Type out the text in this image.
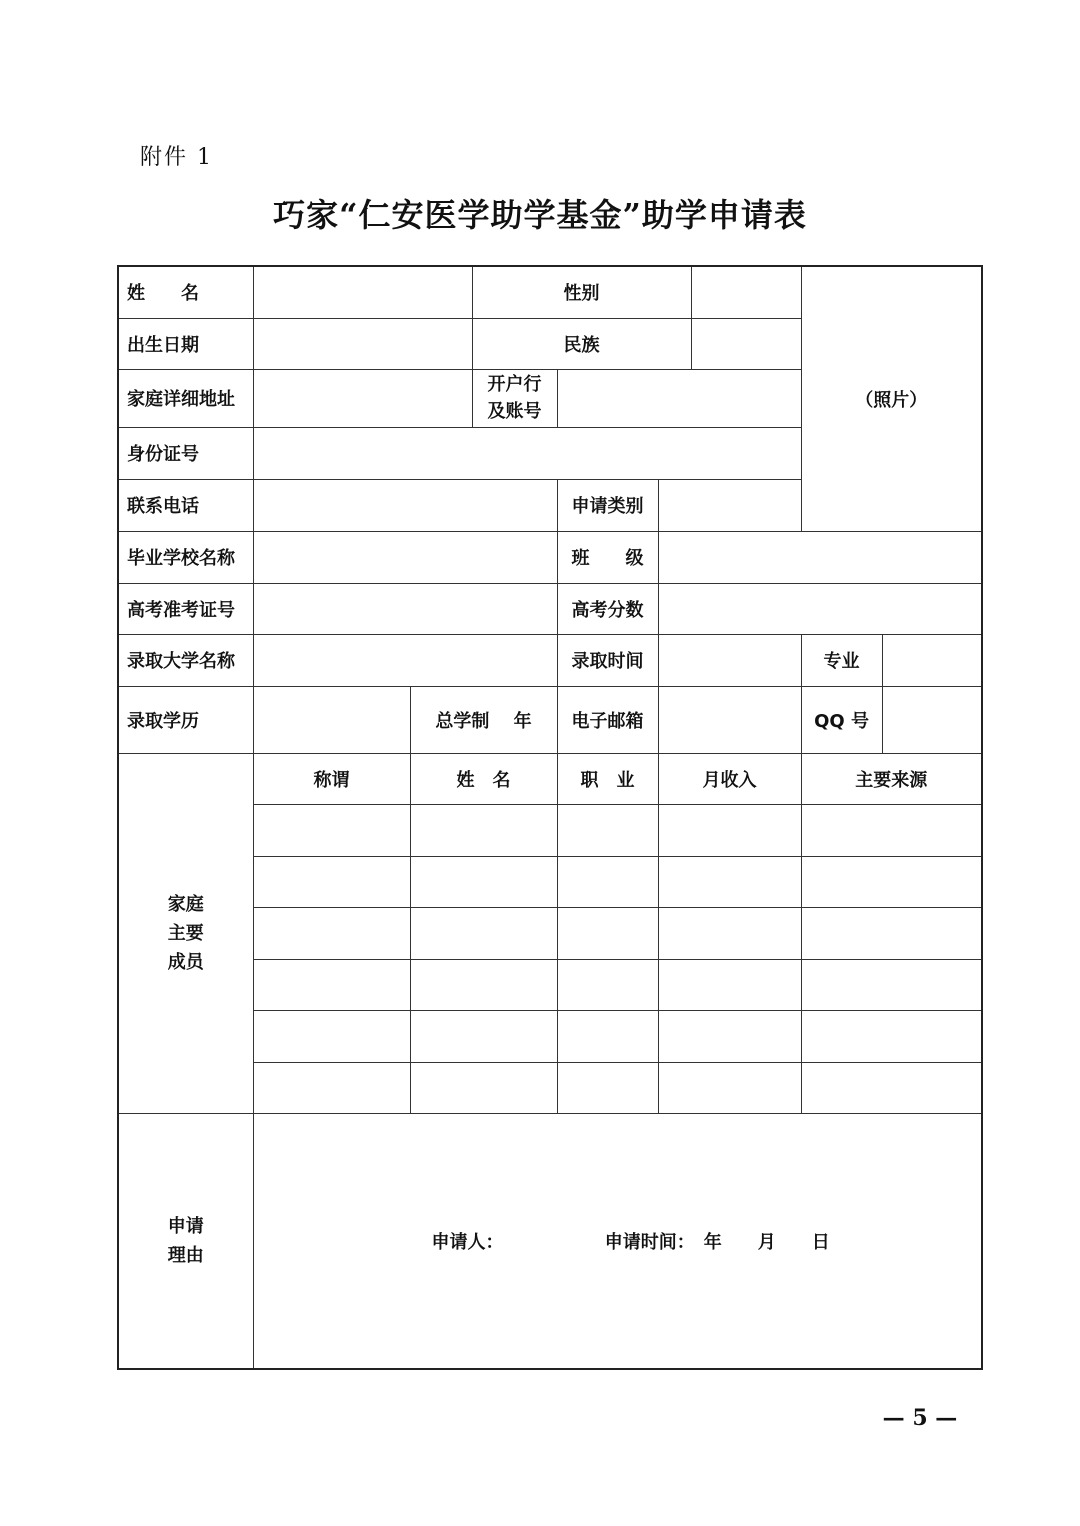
附件 1
巧家“仁安医学助学基金”助学申请表
姓　　名			性别				（照片）	
出生日期			民族					
家庭详细地址			开户行
及账号					

身份证号								
联系电话				申请类别				
毕业学校名称				班　　级				
高考准考证号				高考分数				
录取大学名称				录取时间			专业	
录取学历		总学制　 年		电子邮箱			QQ 号	

家庭
主要
成员	称谓	姓　名		职　业	月收入		主要来源	

申请
理由	申请人： 申请时间：　年　　月　　日							
— 5 —
